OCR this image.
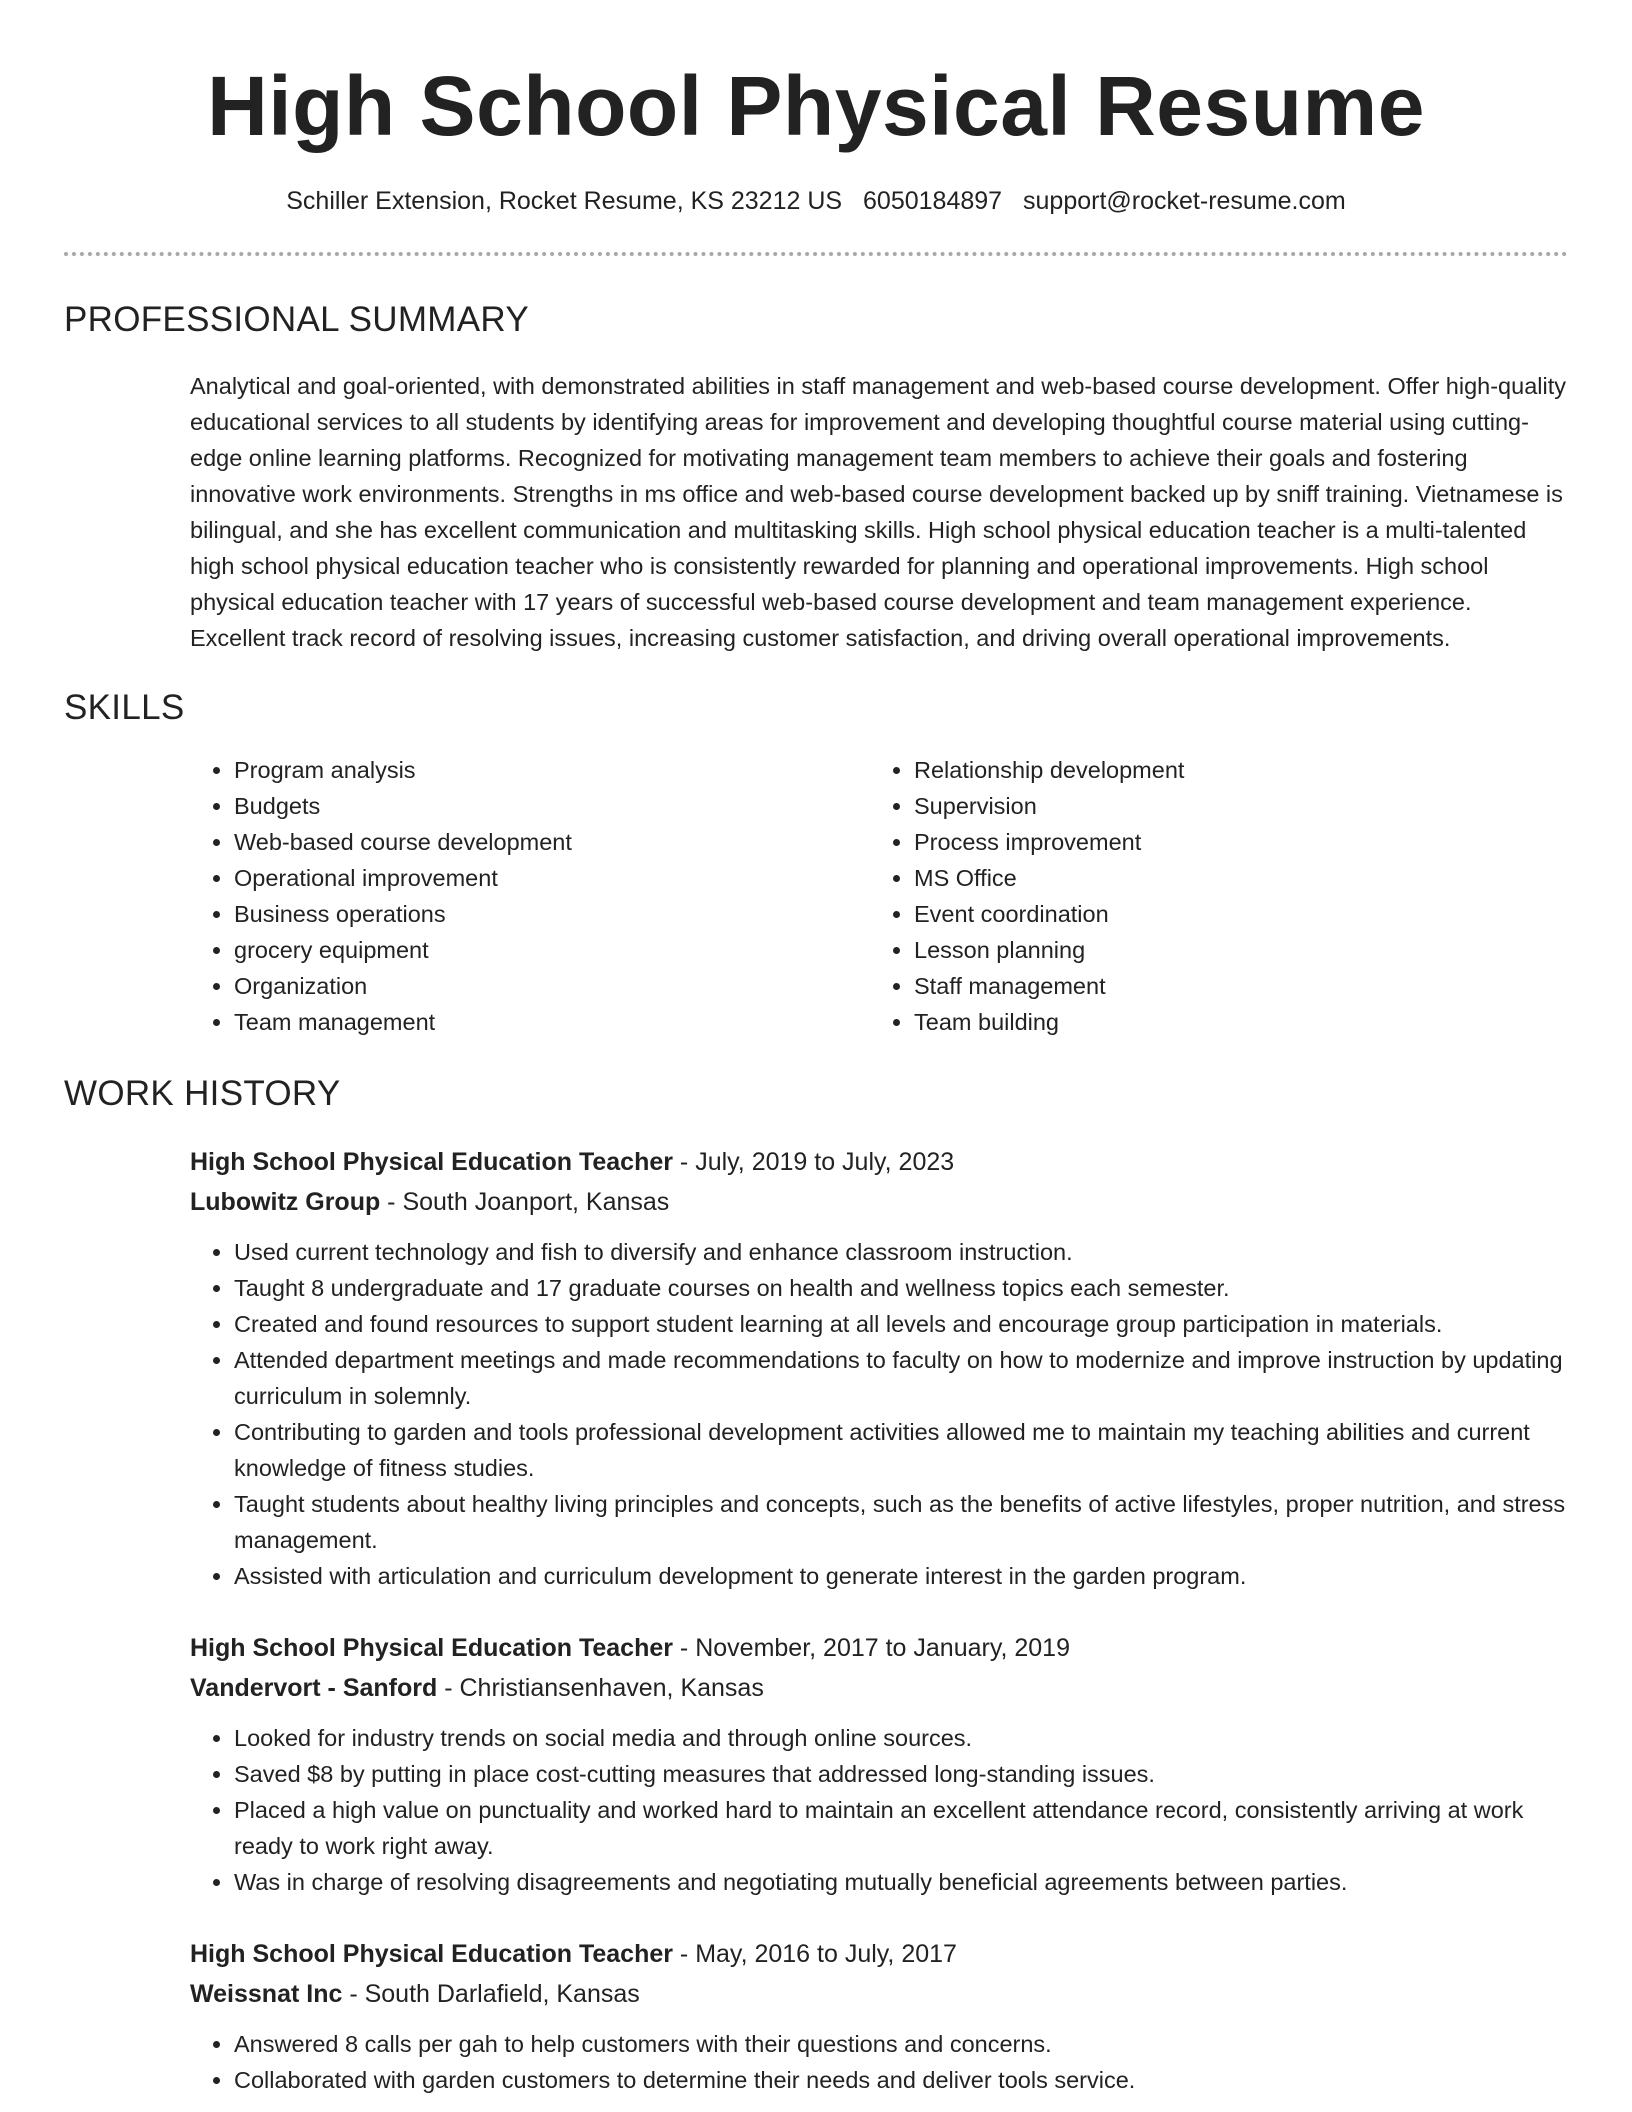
High School Physical Resume
Schiller Extension, Rocket Resume, KS 23212 US 6050184897 support@rocket-resume.com
PROFESSIONAL SUMMARY

Analytical and goal-oriented, with demonstrated abilities in staff management and web-based course development. Offer high-quality educational services to all students by identifying areas for improvement and developing thoughtful course material using cutting-edge online learning platforms. Recognized for motivating management team members to achieve their goals and fostering innovative work environments. Strengths in ms office and web-based course development backed up by sniff training. Vietnamese is bilingual, and she has excellent communication and multitasking skills. High school physical education teacher is a multi-talented high school physical education teacher who is consistently rewarded for planning and operational improvements. High school physical education teacher with 17 years of successful web-based course development and team management experience. Excellent track record of resolving issues, increasing customer satisfaction, and driving overall operational improvements.

SKILLS
• Program analysis
• Budgets
• Web-based course development
• Operational improvement
• Business operations
• grocery equipment
• Organization
• Team management
• Relationship development
• Supervision
• Process improvement
• MS Office
• Event coordination
• Lesson planning
• Staff management
• Team building
WORK HISTORY
High School Physical Education Teacher - July, 2019 to July, 2023
Lubowitz Group - South Joanport, Kansas
• Used current technology and fish to diversify and enhance classroom instruction.
• Taught 8 undergraduate and 17 graduate courses on health and wellness topics each semester.
• Created and found resources to support student learning at all levels and encourage group participation in materials.
• Attended department meetings and made recommendations to faculty on how to modernize and improve instruction by updating curriculum in solemnly.
• Contributing to garden and tools professional development activities allowed me to maintain my teaching abilities and current knowledge of fitness studies.
• Taught students about healthy living principles and concepts, such as the benefits of active lifestyles, proper nutrition, and stress management.
• Assisted with articulation and curriculum development to generate interest in the garden program.
High School Physical Education Teacher - November, 2017 to January, 2019
Vandervort - Sanford - Christiansenhaven, Kansas
• Looked for industry trends on social media and through online sources.
• Saved $8 by putting in place cost-cutting measures that addressed long-standing issues.
• Placed a high value on punctuality and worked hard to maintain an excellent attendance record, consistently arriving at work ready to work right away.
• Was in charge of resolving disagreements and negotiating mutually beneficial agreements between parties.
High School Physical Education Teacher - May, 2016 to July, 2017
Weissnat Inc - South Darlafield, Kansas
• Answered 8 calls per gah to help customers with their questions and concerns.
• Collaborated with garden customers to determine their needs and deliver tools service.
